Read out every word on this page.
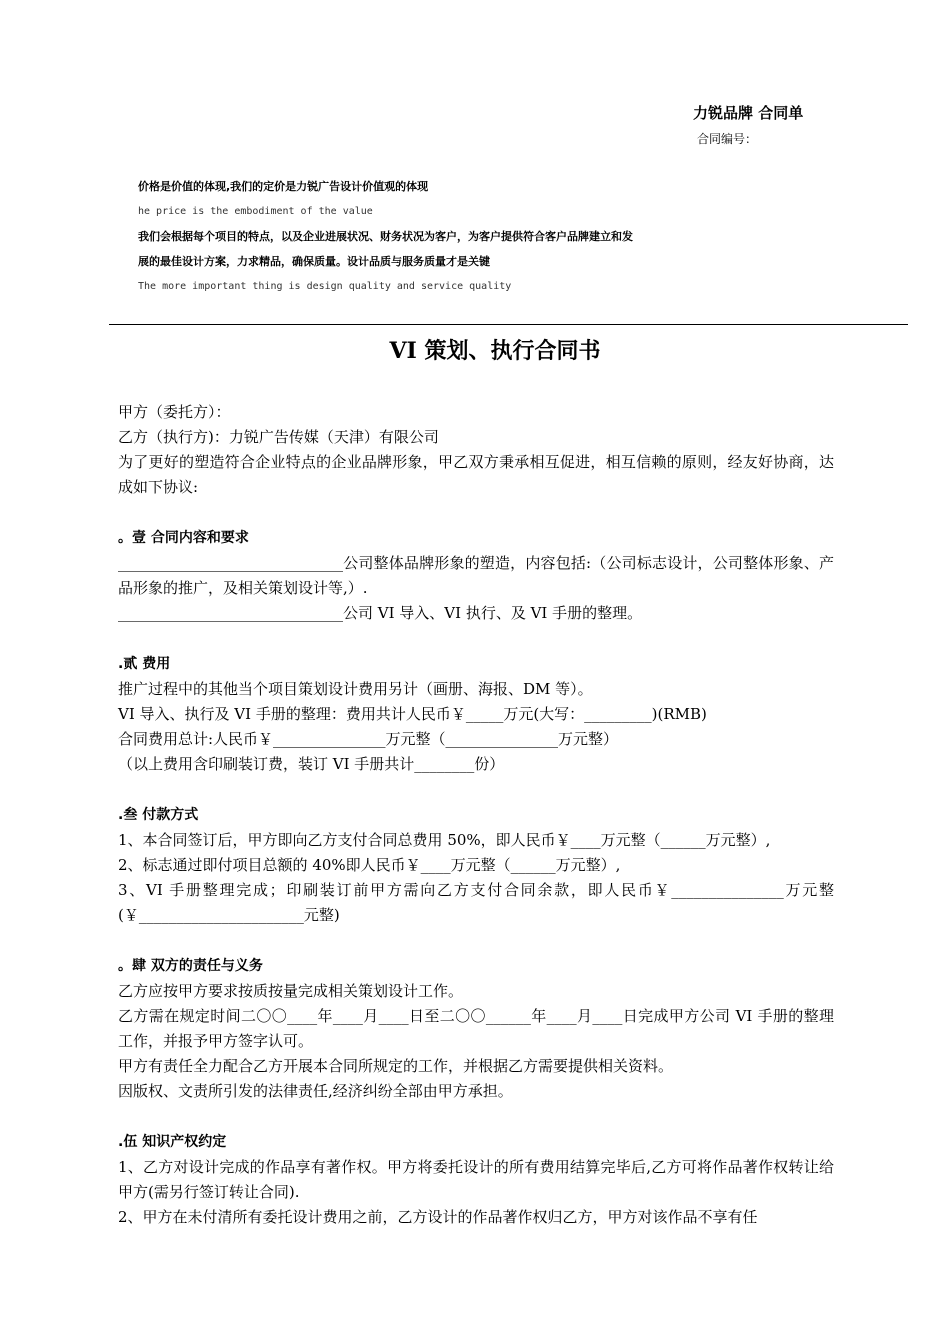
力锐品牌 合同单
合同编号：
价格是价值的体现,我们的定价是力锐广告设计价值观的体现
he price is the embodiment of the value
我们会根据每个项目的特点，以及企业进展状况、财务状况为客户，为客户提供符合客户品牌建立和发
展的最佳设计方案，力求精品，确保质量。设计品质与服务质量才是关键
The more important thing is design quality and service quality
VI 策划、执行合同书
甲方（委托方）：
乙方（执行方)：力锐广告传媒（天津）有限公司
为了更好的塑造符合企业特点的企业品牌形象，甲乙双方秉承相互促进，相互信赖的原则，经友好协商，达成如下协议:
。壹 合同内容和要求
______________________________公司整体品牌形象的塑造，内容包括:（公司标志设计，公司整体形象、产品形象的推广，及相关策划设计等,）.
______________________________公司 VI 导入、VI 执行、及 VI 手册的整理。
.贰 费用
推广过程中的其他当个项目策划设计费用另计（画册、海报、DM 等）。
VI 导入、执行及 VI 手册的整理：费用共计人民币￥_____万元(大写：_________)(RMB)
合同费用总计:人民币￥_______________万元整（_______________万元整）
（以上费用含印刷装订费，装订 VI 手册共计________份）
.叁 付款方式
1、本合同签订后，甲方即向乙方支付合同总费用 50%，即人民币￥____万元整（______万元整）,
2、标志通过即付项目总额的 40%即人民币￥____万元整（______万元整）,
3、VI 手册整理完成；印刷装订前甲方需向乙方支付合同余款，即人民币￥_______________万元整(￥______________________元整)
。肆 双方的责任与义务
乙方应按甲方要求按质按量完成相关策划设计工作。
乙方需在规定时间二〇〇____年____月____日至二〇〇______年____月____日完成甲方公司 VI 手册的整理工作，并报予甲方签字认可。
甲方有责任全力配合乙方开展本合同所规定的工作，并根据乙方需要提供相关资料。
因版权、文责所引发的法律责任,经济纠纷全部由甲方承担。
.伍 知识产权约定
1、乙方对设计完成的作品享有著作权。甲方将委托设计的所有费用结算完毕后,乙方可将作品著作权转让给甲方(需另行签订转让合同).
2、甲方在未付清所有委托设计费用之前，乙方设计的作品著作权归乙方，甲方对该作品不享有任
